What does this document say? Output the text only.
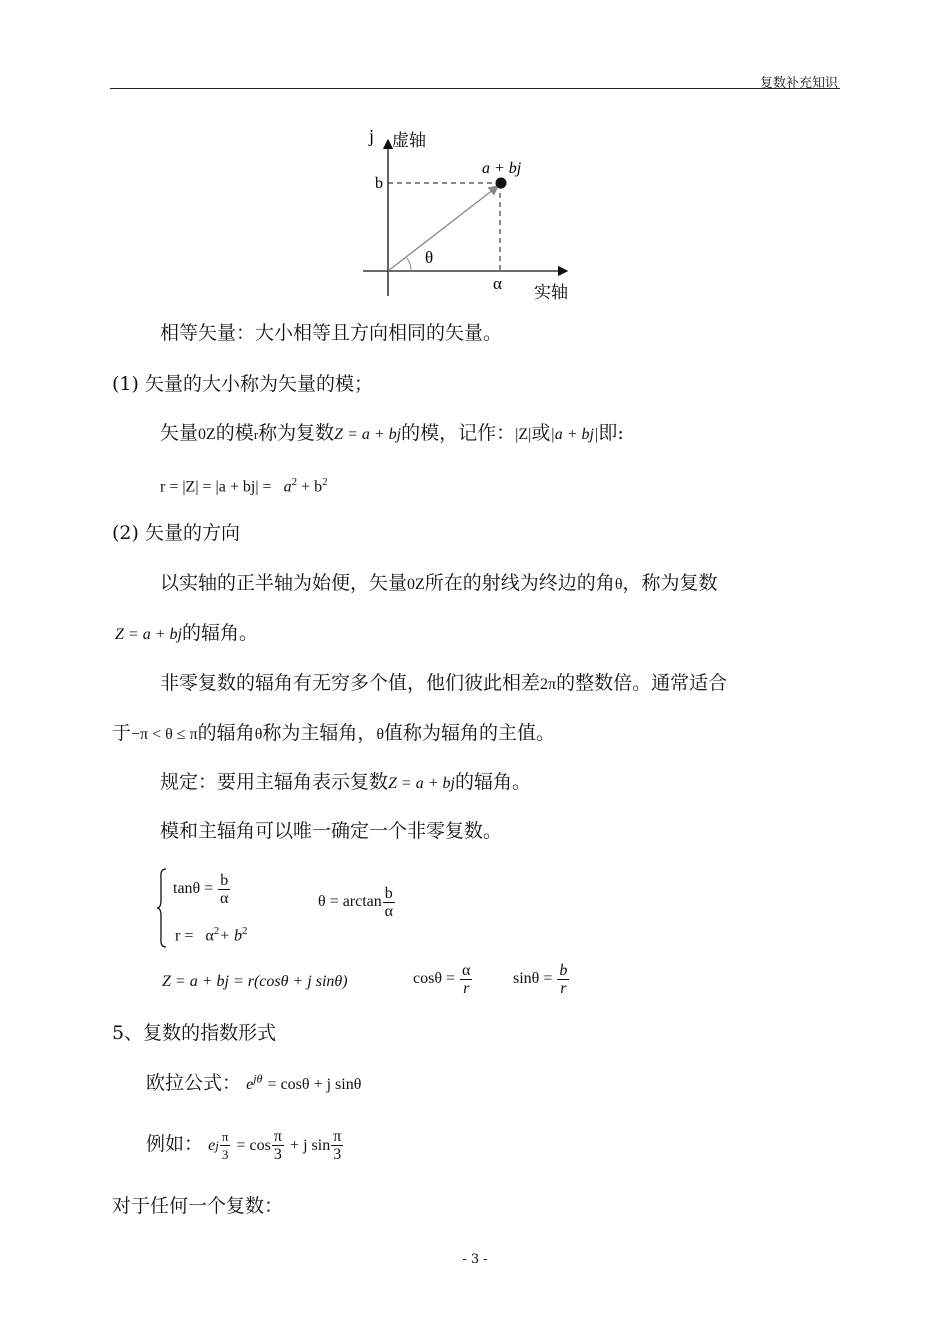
复数补充知识
j 虚轴
a + bj
b
θ
α 实轴
相等矢量：大小相等且方向相同的矢量。
(1) 矢量的大小称为矢量的模；
矢量0Z的模r称为复数Z = a + bj的模，记作：|Z|或|a + bj|即:
$r = |Z| = |a + bj| = a^2 + b^2$
(2) 矢量的方向
以实轴的正半轴为始便，矢量0Z所在的射线为终边的角θ，称为复数
Z = a + bj的辐角。
非零复数的辐角有无穷多个值，他们彼此相差2π的整数倍。通常适合
于−π < θ ≤ π的辐角θ称为主辐角，θ值称为辐角的主值。
规定：要用主辐角表示复数Z = a + bj的辐角。
模和主辐角可以唯一确定一个非零复数。
$\tan\theta = \frac{b}{\alpha}$
$r = \alpha^2+ b^2$
$\theta = \arctan \frac{b}{\alpha}$
Z = a + bj = r(cosθ + j sinθ)	$\cos\theta = \frac{\alpha}{r}$	$\sin\theta = \frac{b}{r}$
5、复数的指数形式
欧拉公式： $e^{j\theta} = \cos\theta + j$ sinθ
例如： ej $\frac{\pi}{3} = \cos \frac{\pi}{3} + j$ $\sin \frac{\pi}{3}$
对于任何一个复数：
- 3 -
